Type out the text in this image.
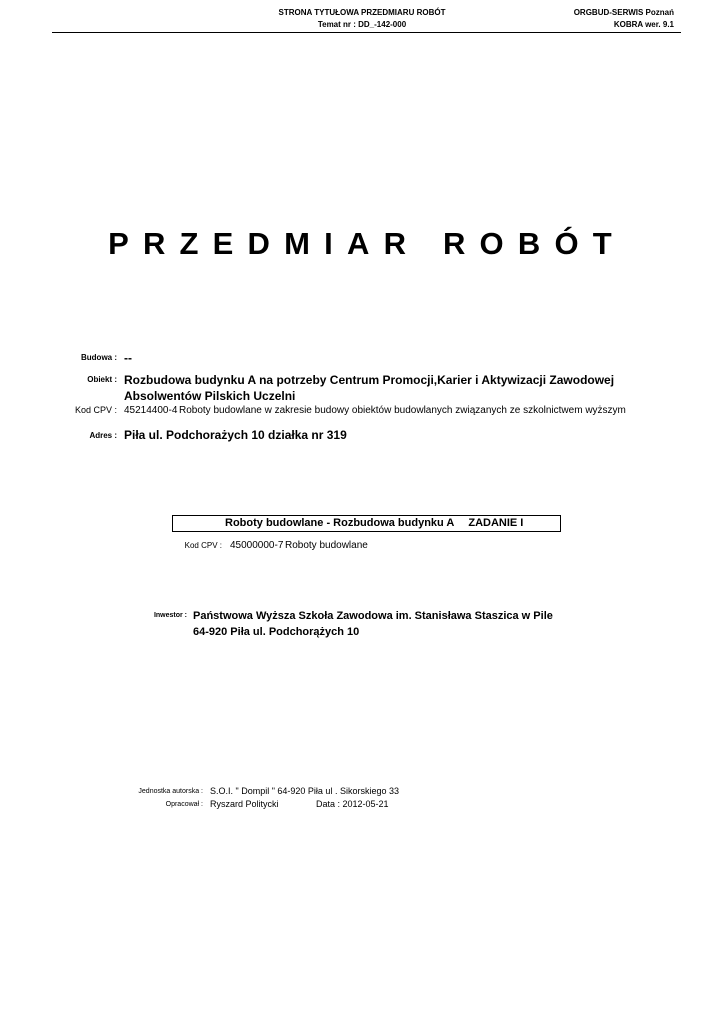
STRONA TYTUŁOWA PRZEDMIARU ROBÓT
Temat nr : DD_-142-000
ORGBUD-SERWIS Poznań
KOBRA wer. 9.1
PRZEDMIAR ROBÓT
Budowa : --
Obiekt : Rozbudowa budynku A na potrzeby Centrum Promocji,Karier i Aktywizacji Zawodowej
Absolwentów Pilskich Uczelni
Kod CPV : 45214400-4 Roboty budowlane w zakresie budowy obiektów budowlanych związanych ze szkolnictwem wyższym
Adres : Piła ul. Podchorażych 10 działka nr 319
Roboty budowlane - Rozbudowa budynku A ZADANIE I
Kod CPV : 45000000-7 Roboty budowlane
Inwestor : Państwowa Wyższa Szkoła Zawodowa im. Stanisława Staszica w Pile
64-920 Piła ul. Podchorążych 10
Jednostka autorska : S.O.I. " Dompil " 64-920 Piła ul . Sikorskiego 33
Opracował : Ryszard Politycki	Data : 2012-05-21
